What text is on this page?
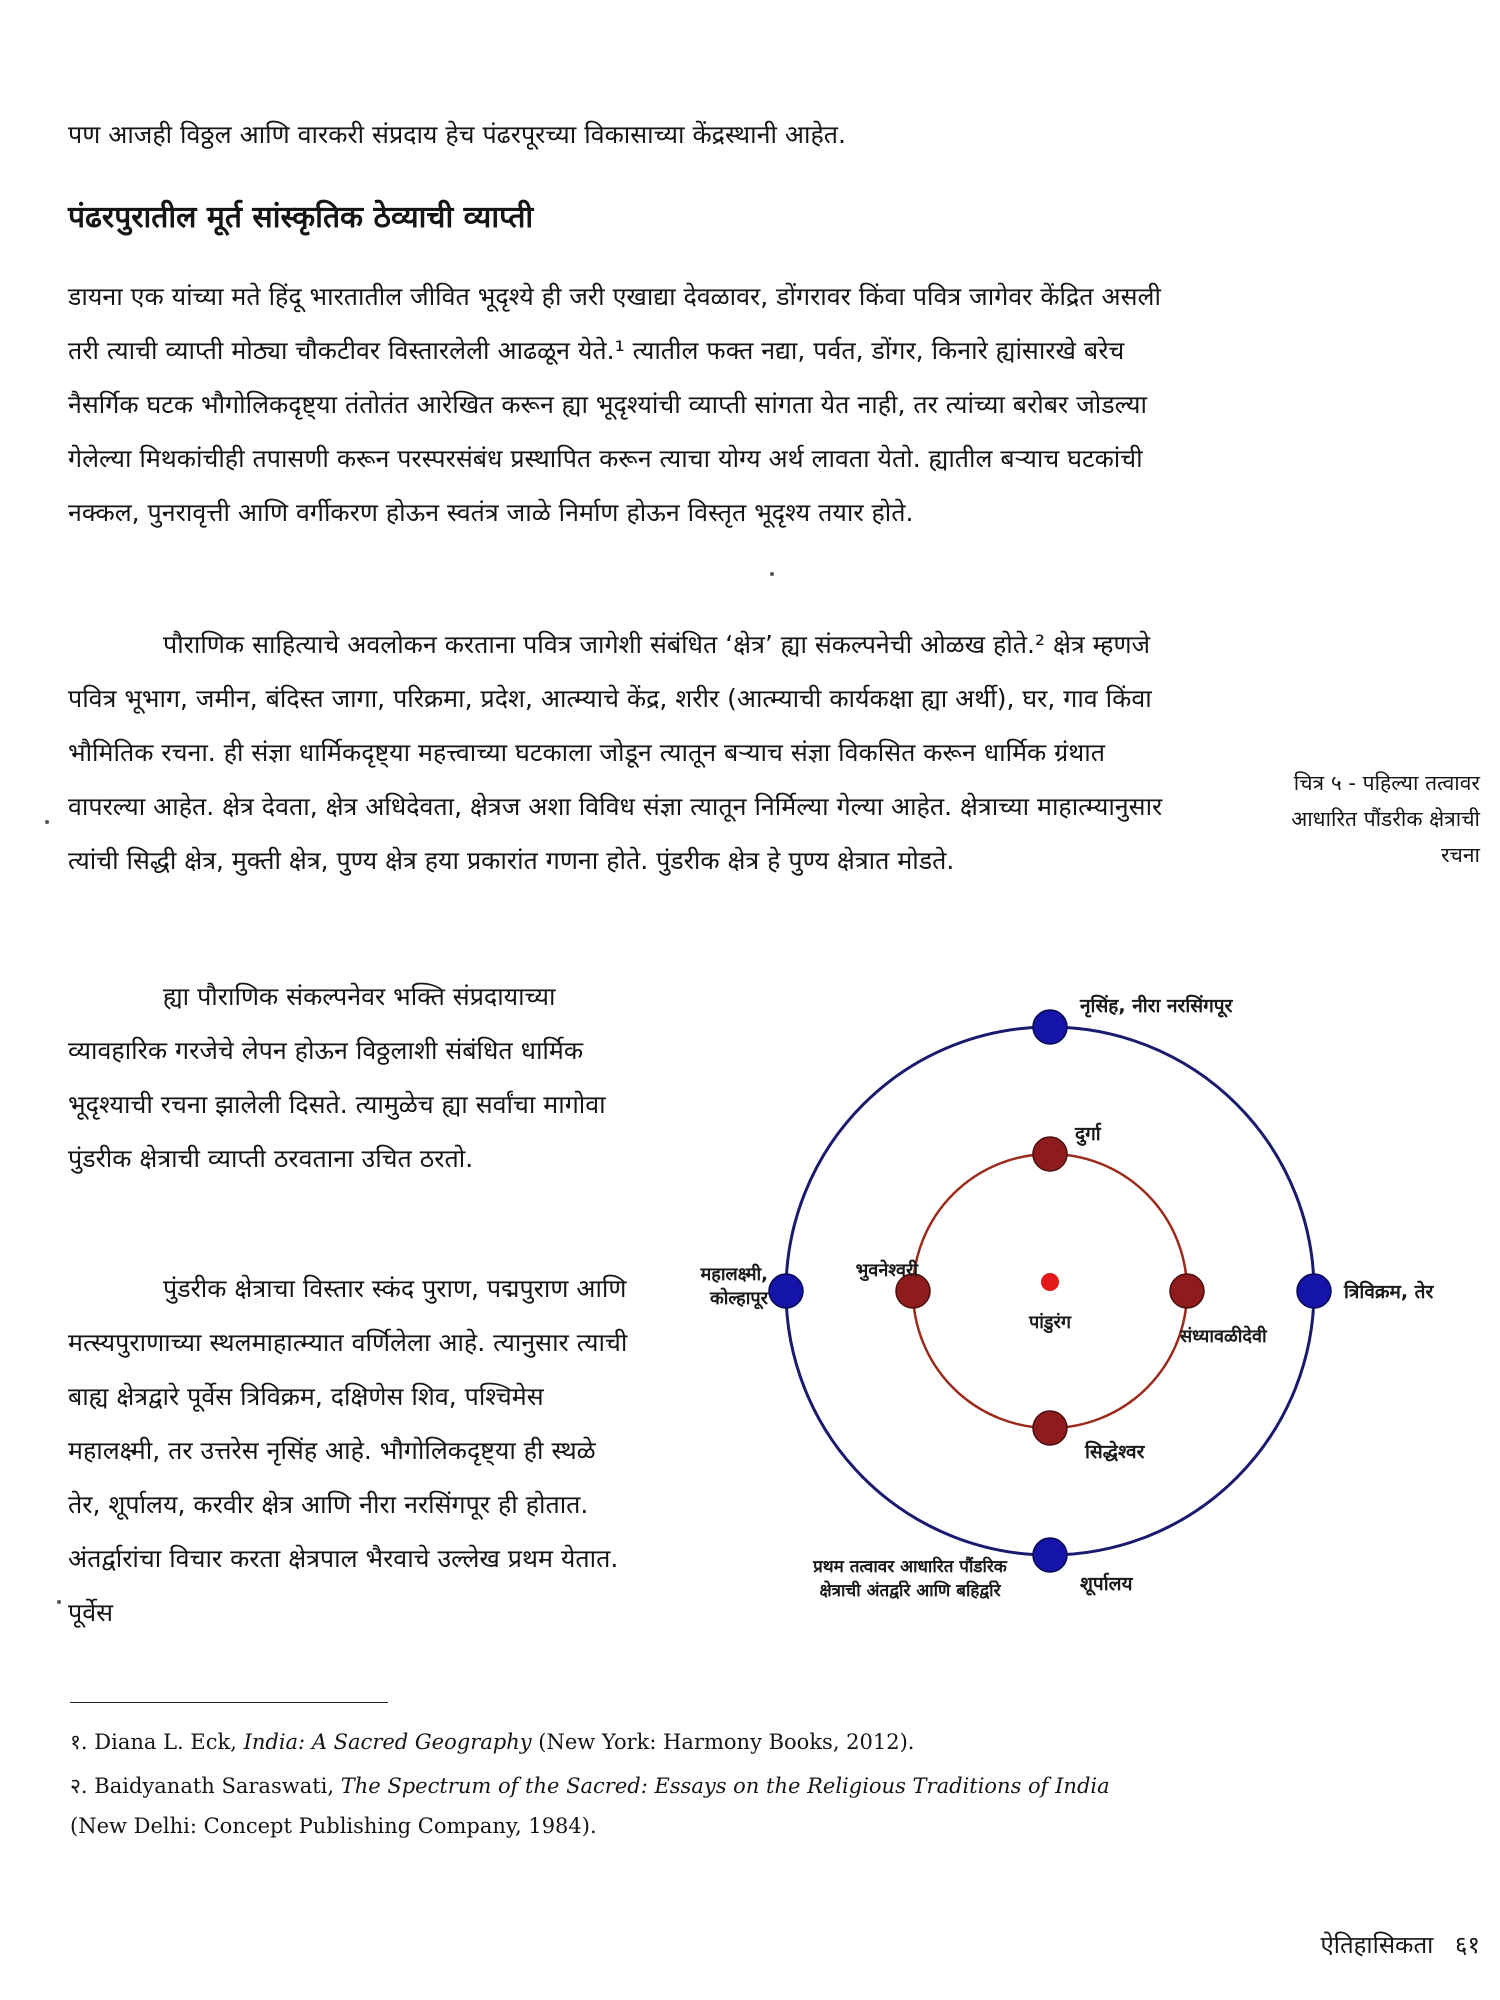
पण आजही विठ्ठल आणि वारकरी संप्रदाय हेच पंढरपूरच्या विकासाच्या केंद्रस्थानी आहेत.

पंढरपुरातील मूर्त सांस्कृतिक ठेव्याची व्याप्ती

डायना एक यांच्या मते हिंदू भारतातील जीवित भूदृश्ये ही जरी एखाद्या देवळावर, डोंगरावर किंवा पवित्र जागेवर केंद्रित असली तरी त्याची व्याप्ती मोठ्या चौकटीवर विस्तारलेली आढळून येते.¹ त्यातील फक्त नद्या, पर्वत, डोंगर, किनारे ह्यांसारखे बरेच नैसर्गिक घटक भौगोलिकदृष्ट्या तंतोतंत आरेखित करून ह्या भूदृश्यांची व्याप्ती सांगता येत नाही, तर त्यांच्या बरोबर जोडल्या गेलेल्या मिथकांचीही तपासणी करून परस्परसंबंध प्रस्थापित करून त्याचा योग्य अर्थ लावता येतो. ह्यातील बऱ्याच घटकांची नक्कल, पुनरावृत्ती आणि वर्गीकरण होऊन स्वतंत्र जाळे निर्माण होऊन विस्तृत भूदृश्य तयार होते.

पौराणिक साहित्याचे अवलोकन करताना पवित्र जागेशी संबंधित ‘क्षेत्र’ ह्या संकल्पनेची ओळख होते.² क्षेत्र म्हणजे पवित्र भूभाग, जमीन, बंदिस्त जागा, परिक्रमा, प्रदेश, आत्म्याचे केंद्र, शरीर (आत्म्याची कार्यकक्षा ह्या अर्थी), घर, गाव किंवा भौमितिक रचना. ही संज्ञा धार्मिकदृष्ट्या महत्त्वाच्या घटकाला जोडून त्यातून बऱ्याच संज्ञा विकसित करून धार्मिक ग्रंथात वापरल्या आहेत. क्षेत्र देवता, क्षेत्र अधिदेवता, क्षेत्रज अशा विविध संज्ञा त्यातून निर्मिल्या गेल्या आहेत. क्षेत्राच्या माहात्म्यानुसार त्यांची सिद्धी क्षेत्र, मुक्ती क्षेत्र, पुण्य क्षेत्र हया प्रकारांत गणना होते. पुंडरीक क्षेत्र हे पुण्य क्षेत्रात मोडते.

चित्र ५ - पहिल्या तत्वावर आधारित पौंडरीक क्षेत्राची रचना

ह्या पौराणिक संकल्पनेवर भक्ति संप्रदायाच्या व्यावहारिक गरजेचे लेपन होऊन विठ्ठलाशी संबंधित धार्मिक भूदृश्याची रचना झालेली दिसते. त्यामुळेच ह्या सर्वांचा मागोवा पुंडरीक क्षेत्राची व्याप्ती ठरवताना उचित ठरतो.

पुंडरीक क्षेत्राचा विस्तार स्कंद पुराण, पद्मपुराण आणि मत्स्यपुराणाच्या स्थलमाहात्म्यात वर्णिलेला आहे. त्यानुसार त्याची बाह्य क्षेत्रद्वारे पूर्वेस त्रिविक्रम, दक्षिणेस शिव, पश्चिमेस महालक्ष्मी, तर उत्तरेस नृसिंह आहे. भौगोलिकदृष्ट्या ही स्थळे तेर, शूर्पालय, करवीर क्षेत्र आणि नीरा नरसिंगपूर ही होतात. अंतर्द्वारांचा विचार करता क्षेत्रपाल भैरवाचे उल्लेख प्रथम येतात. पूर्वेस

नृसिंह, नीरा नरसिंगपूर
त्रिविक्रम, तेर
शूर्पालय
महालक्ष्मी,
कोल्हापूर
दुर्गा
संध्यावळीदेवी
सिद्धेश्वर
भुवनेश्वरी
पांडुरंग
प्रथम तत्वावर आधारित पौंडरिक
क्षेत्राची अंतर्द्वारे आणि बहिर्द्वारे

१. Diana L. Eck, India: A Sacred Geography (New York: Harmony Books, 2012).

२. Baidyanath Saraswati, The Spectrum of the Sacred: Essays on the Religious Traditions of India (New Delhi: Concept Publishing Company, 1984).

ऐतिहासिकता ६१
